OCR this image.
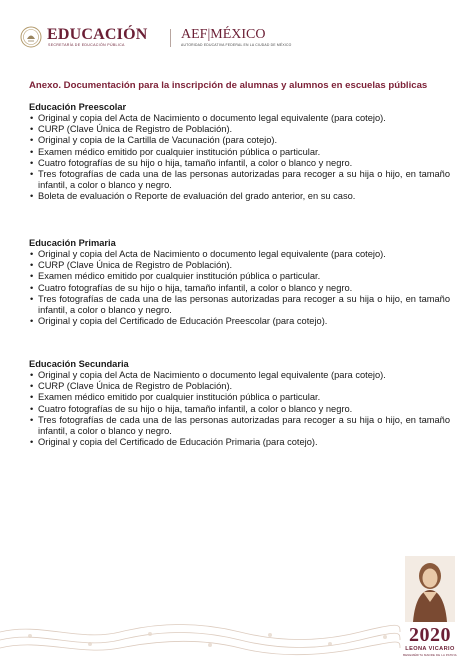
EDUCACIÓN
SECRETARÍA DE EDUCACIÓN PÚBLICA
AEF|MÉXICO
AUTORIDAD EDUCATIVA FEDERAL EN LA CIUDAD DE MÉXICO
Anexo. Documentación para la inscripción de alumnas y alumnos en escuelas públicas
Educación Preescolar
• Original y copia del Acta de Nacimiento o documento legal equivalente (para cotejo).
• CURP (Clave Única de Registro de Población).
• Original y copia de la Cartilla de Vacunación (para cotejo).
• Examen médico emitido por cualquier institución pública o particular.
• Cuatro fotografías de su hijo o hija, tamaño infantil, a color o blanco y negro.
• Tres fotografías de cada una de las personas autorizadas para recoger a su hija o hijo, en tamaño infantil, a color o blanco y negro.
• Boleta de evaluación o Reporte de evaluación del grado anterior, en su caso.
Educación Primaria
• Original y copia del Acta de Nacimiento o documento legal equivalente (para cotejo).
• CURP (Clave Única de Registro de Población).
• Examen médico emitido por cualquier institución pública o particular.
• Cuatro fotografías de su hijo o hija, tamaño infantil, a color o blanco y negro.
• Tres fotografías de cada una de las personas autorizadas para recoger a su hija o hijo, en tamaño infantil, a color o blanco y negro.
• Original y copia del Certificado de Educación Preescolar (para cotejo).
Educación Secundaria
• Original y copia del Acta de Nacimiento o documento legal equivalente (para cotejo).
• CURP (Clave Única de Registro de Población).
• Examen médico emitido por cualquier institución pública o particular.
• Cuatro fotografías de su hijo o hija, tamaño infantil, a color o blanco y negro.
• Tres fotografías de cada una de las personas autorizadas para recoger a su hija o hijo, en tamaño infantil, a color o blanco y negro.
• Original y copia del Certificado de Educación Primaria (para cotejo).
2020
LEONA VICARIO
BENEMÉRITA MADRE DE LA PATRIA
